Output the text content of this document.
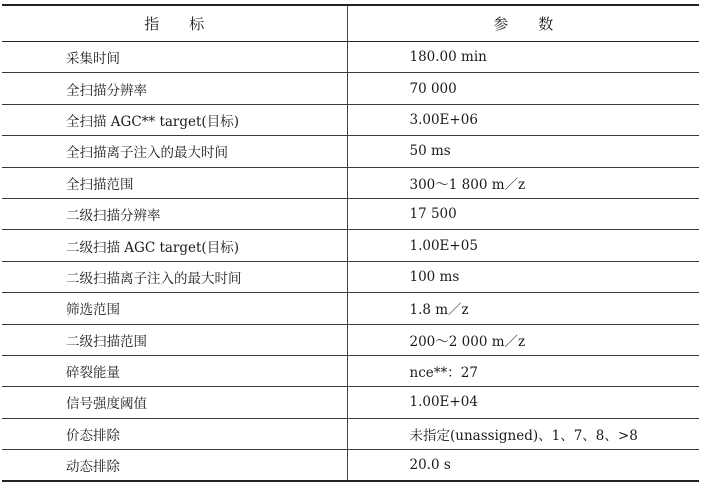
指　　标	参　　数
采集时间	180.00 min
全扫描分辨率	70 000
全扫描 AGC** target(目标)	3.00E+06
全扫描离子注入的最大时间	50 ms
全扫描范围	300～1 800 m／z
二级扫描分辨率	17 500
二级扫描 AGC target(目标)	1.00E+05
二级扫描离子注入的最大时间	100 ms
筛选范围	1.8 m／z
二级扫描范围	200～2 000 m／z
碎裂能量	nce**：27
信号强度阈值	1.00E+04
价态排除	未指定(unassigned)、1、7、8、>8
动态排除	20.0 s
